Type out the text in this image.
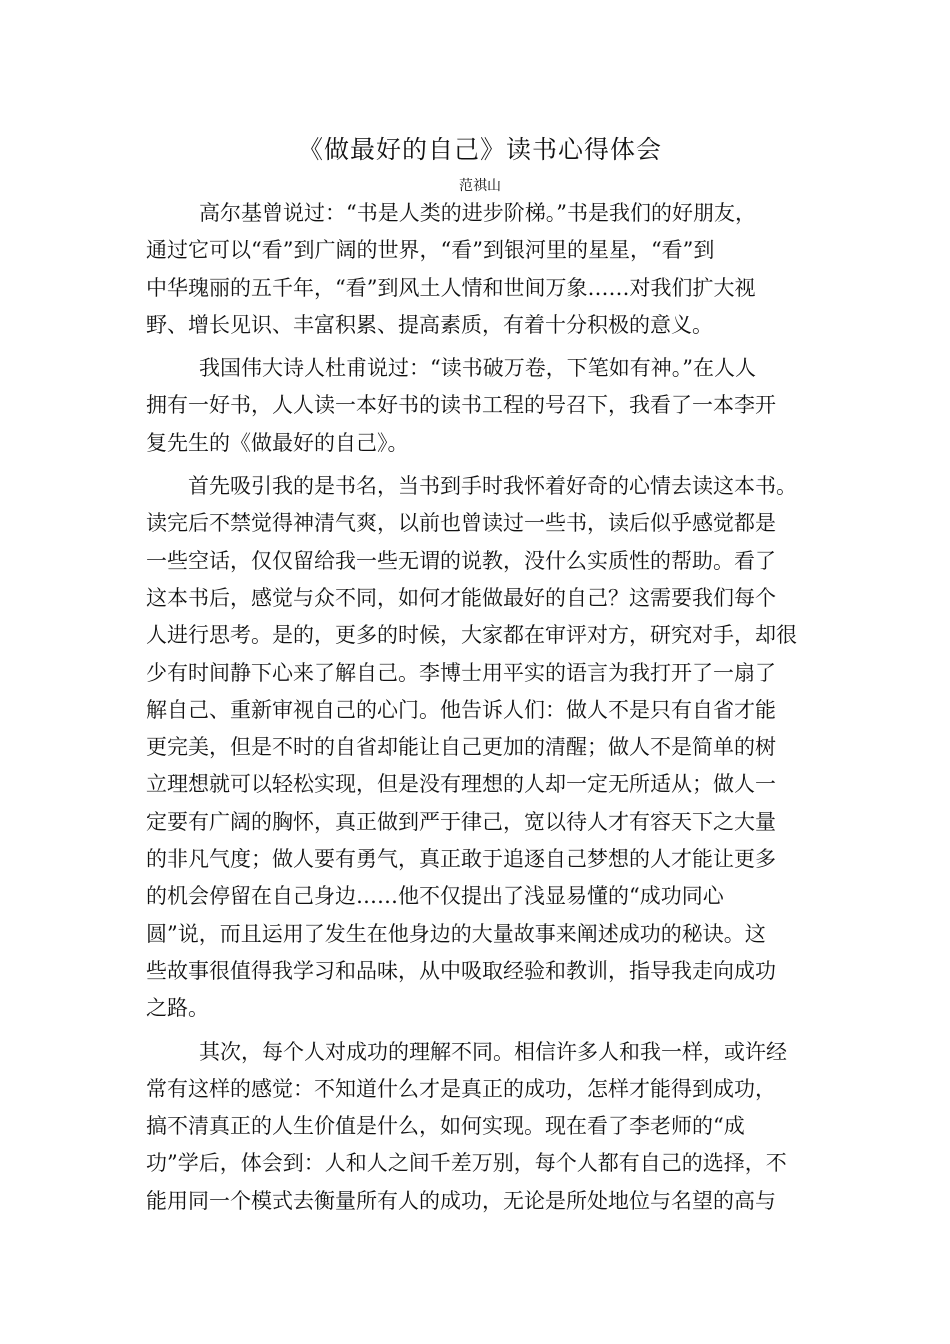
《做最好的自己》读书心得体会
范祺山
高尔基曾说过：“书是人类的进步阶梯。”书是我们的好朋友，
通过它可以“看”到广阔的世界，“看”到银河里的星星，“看”到
中华瑰丽的五千年，“看”到风土人情和世间万象……对我们扩大视
野、增长见识、丰富积累、提高素质，有着十分积极的意义。
我国伟大诗人杜甫说过：“读书破万卷，下笔如有神。”在人人
拥有一好书，人人读一本好书的读书工程的号召下，我看了一本李开
复先生的《做最好的自己》。
首先吸引我的是书名，当书到手时我怀着好奇的心情去读这本书。
读完后不禁觉得神清气爽，以前也曾读过一些书，读后似乎感觉都是
一些空话，仅仅留给我一些无谓的说教，没什么实质性的帮助。看了
这本书后，感觉与众不同，如何才能做最好的自己？这需要我们每个
人进行思考。是的，更多的时候，大家都在审评对方，研究对手，却很
少有时间静下心来了解自己。李博士用平实的语言为我打开了一扇了
解自己、重新审视自己的心门。他告诉人们：做人不是只有自省才能
更完美，但是不时的自省却能让自己更加的清醒；做人不是简单的树
立理想就可以轻松实现，但是没有理想的人却一定无所适从；做人一
定要有广阔的胸怀，真正做到严于律己，宽以待人才有容天下之大量
的非凡气度；做人要有勇气，真正敢于追逐自己梦想的人才能让更多
的机会停留在自己身边……他不仅提出了浅显易懂的“成功同心
圆”说，而且运用了发生在他身边的大量故事来阐述成功的秘诀。这
些故事很值得我学习和品味，从中吸取经验和教训，指导我走向成功
之路。
其次，每个人对成功的理解不同。相信许多人和我一样，或许经
常有这样的感觉：不知道什么才是真正的成功，怎样才能得到成功，
搞不清真正的人生价值是什么，如何实现。现在看了李老师的“成
功”学后，体会到：人和人之间千差万别，每个人都有自己的选择，不
能用同一个模式去衡量所有人的成功，无论是所处地位与名望的高与
